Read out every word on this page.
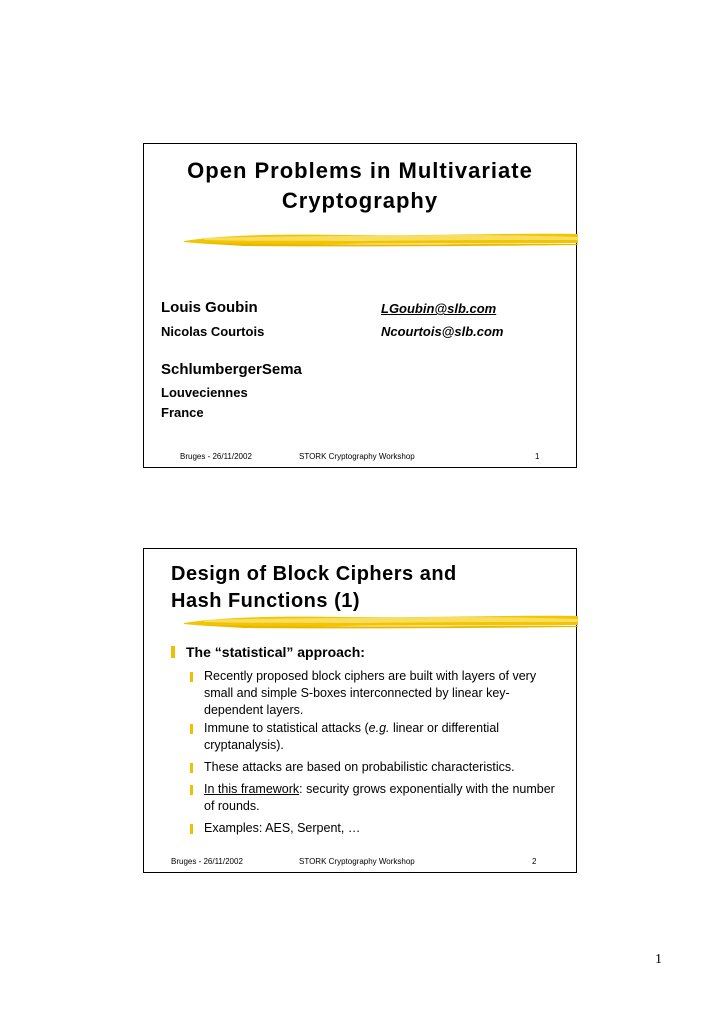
Open Problems in Multivariate
Cryptography
Louis Goubin	LGoubin@slb.com
Nicolas Courtois	Ncourtois@slb.com
SchlumbergerSema
Louveciennes
France
Bruges - 26/11/2002	STORK Cryptography Workshop	1
Design of Block Ciphers and
Hash Functions (1)
The “statistical” approach:
Recently proposed block ciphers are built with layers of very small and simple S-boxes interconnected by linear key-dependent layers.
Immune to statistical attacks (e.g. linear or differential cryptanalysis).
These attacks are based on probabilistic characteristics.
In this framework: security grows exponentially with the number of rounds.
Examples: AES, Serpent, …
Bruges - 26/11/2002	STORK Cryptography Workshop	2
1
